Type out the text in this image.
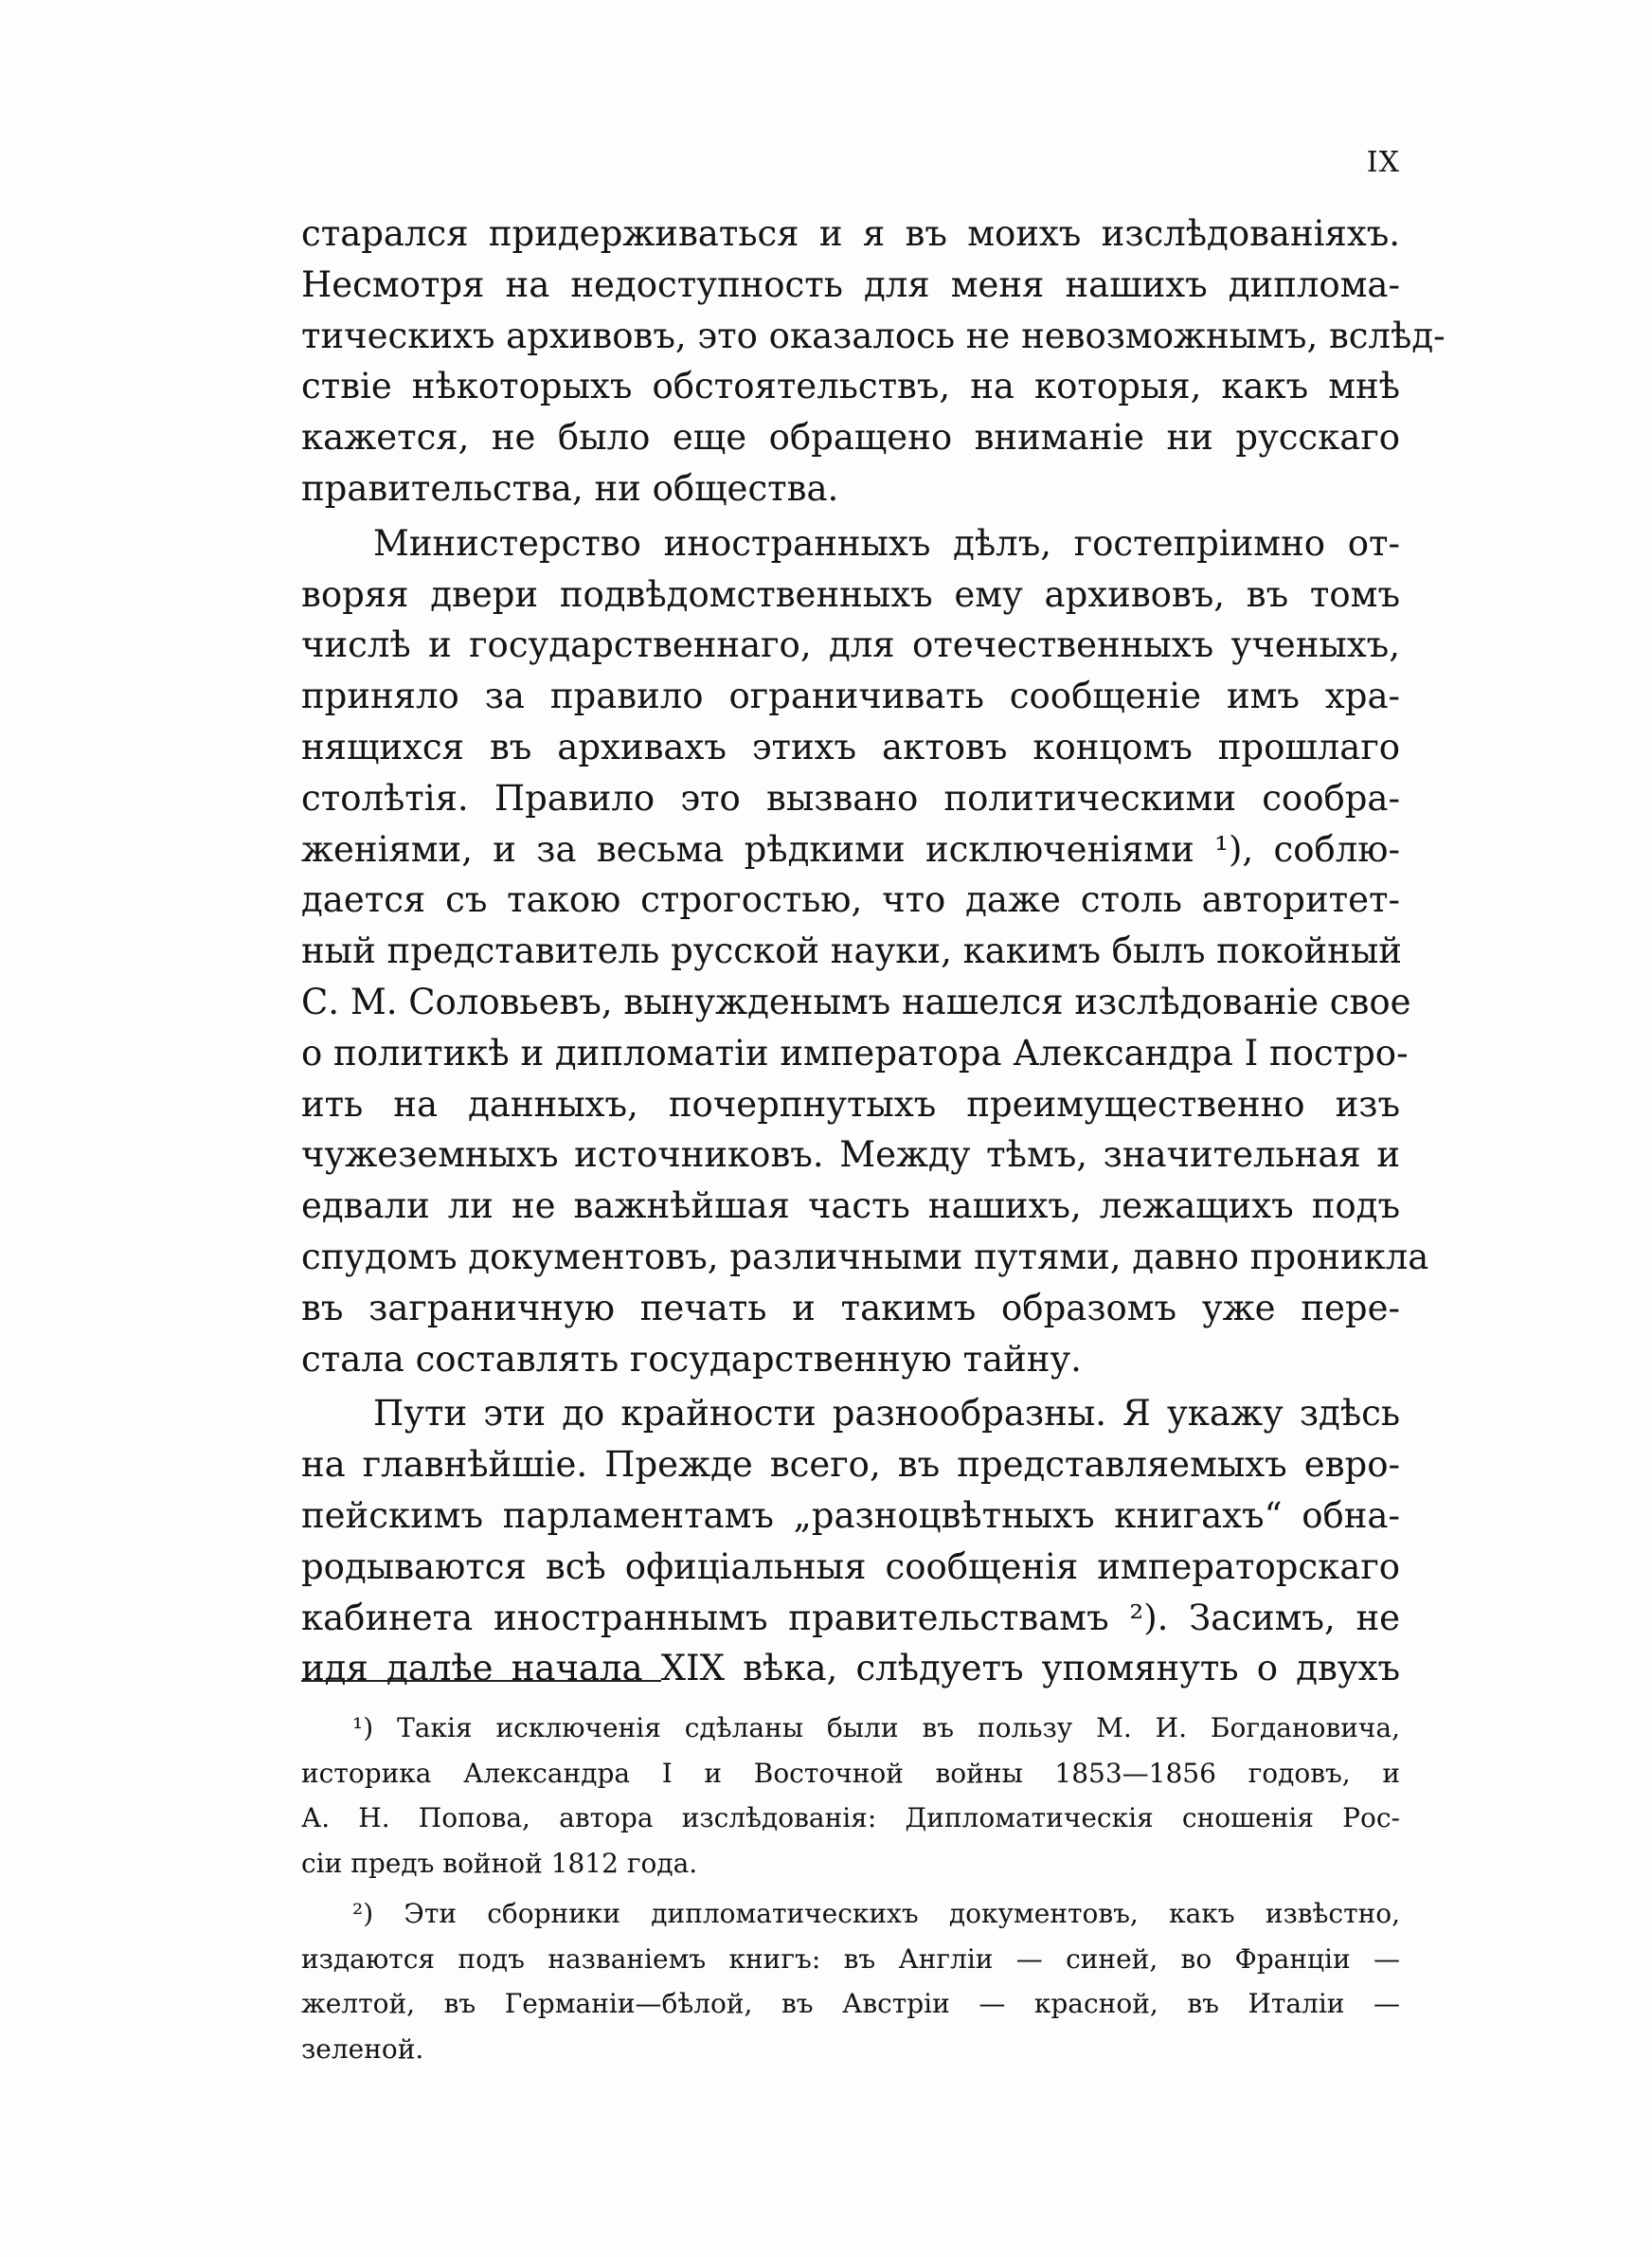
IX
старался придерживаться и я въ моихъ изслѣдованіяхъ.
Несмотря на недоступность для меня нашихъ диплома-
тическихъ архивовъ, это оказалось не невозможнымъ, вслѣд-
ствіе нѣкоторыхъ обстоятельствъ, на которыя, какъ мнѣ
кажется, не было еще обращено вниманіе ни русскаго
правительства, ни общества.
Министерство иностранныхъ дѣлъ, гостепріимно от-
воряя двери подвѣдомственныхъ ему архивовъ, въ томъ
числѣ и государственнаго, для отечественныхъ ученыхъ,
приняло за правило ограничивать сообщеніе имъ хра-
нящихся въ архивахъ этихъ актовъ концомъ прошлаго
столѣтія. Правило это вызвано политическими сообра-
женіями, и за весьма рѣдкими исключеніями ¹), соблю-
дается съ такою строгостью, что даже столь авторитет-
ный представитель русской науки, какимъ былъ покойный
С. М. Соловьевъ, вынужденымъ нашелся изслѣдованіе свое
о политикѣ и дипломатіи императора Александра I постро-
ить на данныхъ, почерпнутыхъ преимущественно изъ
чужеземныхъ источниковъ. Между тѣмъ, значительная и
едвали ли не важнѣйшая часть нашихъ, лежащихъ подъ
спудомъ документовъ, различными путями, давно проникла
въ заграничную печать и такимъ образомъ уже пере-
стала составлять государственную тайну.
Пути эти до крайности разнообразны. Я укажу здѣсь
на главнѣйшіе. Прежде всего, въ представляемыхъ евро-
пейскимъ парламентамъ „разноцвѣтныхъ книгахъ“ обна-
родываются всѣ офиціальныя сообщенія императорскаго
кабинета иностраннымъ правительствамъ ²). Засимъ, не
идя далѣе начала XIX вѣка, слѣдуетъ упомянуть о двухъ
¹) Такія исключенія сдѣланы были въ пользу М. И. Богдановича,
историка Александра I и Восточной войны 1853—1856 годовъ, и
А. Н. Попова, автора изслѣдованія: Дипломатическія сношенія Рос-
сіи предъ войной 1812 года.
²) Эти сборники дипломатическихъ документовъ, какъ извѣстно,
издаются подъ названіемъ книгъ: въ Англіи — синей, во Франціи —
желтой, въ Германіи—бѣлой, въ Австріи — красной, въ Италіи —
зеленой.
